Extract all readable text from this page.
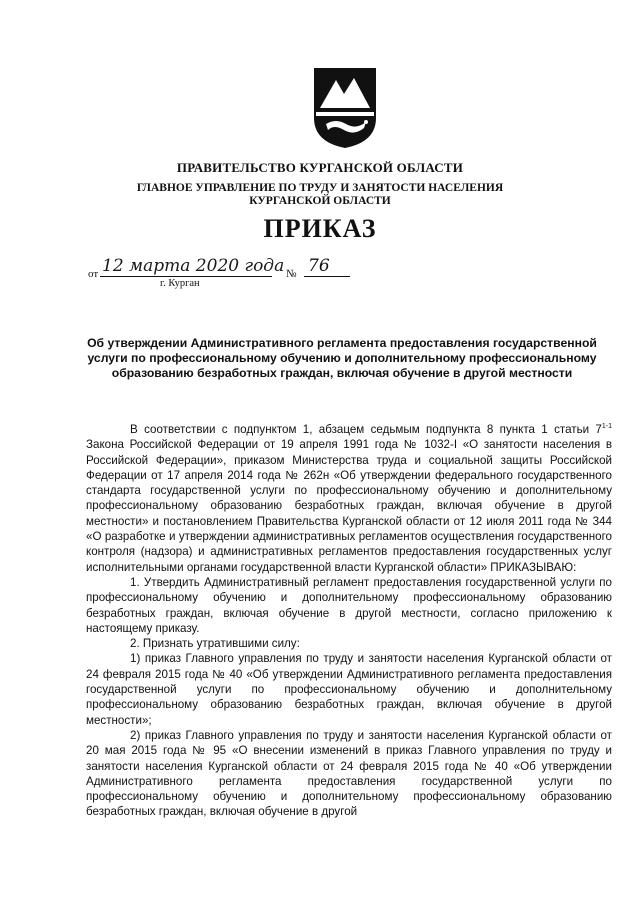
ПРАВИТЕЛЬСТВО КУРГАНСКОЙ ОБЛАСТИ
ГЛАВНОЕ УПРАВЛЕНИЕ ПО ТРУДУ И ЗАНЯТОСТИ НАСЕЛЕНИЯ
КУРГАНСКОЙ ОБЛАСТИ
ПРИКАЗ
от 12 марта 2020 года № 76
г. Курган
Об утверждении Административного регламента предоставления государственной услуги по профессиональному обучению и дополнительному профессиональному образованию безработных граждан, включая обучение в другой местности

В соответствии с подпунктом 1, абзацем седьмым подпункта 8 пункта 1 статьи 7$^{1-1}$ Закона Российской Федерации от 19 апреля 1991 года № 1032-I «О занятости населения в Российской Федерации», приказом Министерства труда и социальной защиты Российской Федерации от 17 апреля 2014 года № 262н «Об утверждении федерального государственного стандарта государственной услуги по профессиональному обучению и дополнительному профессиональному образованию безработных граждан, включая обучение в другой местности» и постановлением Правительства Курганской области от 12 июля 2011 года № 344 «О разработке и утверждении административных регламентов осуществления государственного контроля (надзора) и административных регламентов предоставления государственных услуг исполнительными органами государственной власти Курганской области» ПРИКАЗЫВАЮ:

1. Утвердить Административный регламент предоставления государственной услуги по профессиональному обучению и дополнительному профессиональному образованию безработных граждан, включая обучение в другой местности, согласно приложению к настоящему приказу.

2. Признать утратившими силу:

1) приказ Главного управления по труду и занятости населения Курганской области от 24 февраля 2015 года № 40 «Об утверждении Административного регламента предоставления государственной услуги по профессиональному обучению и дополнительному профессиональному образованию безработных граждан, включая обучение в другой местности»;

2) приказ Главного управления по труду и занятости населения Курганской области от 20 мая 2015 года № 95 «О внесении изменений в приказ Главного управления по труду и занятости населения Курганской области от 24 февраля 2015 года № 40 «Об утверждении Административного регламента предоставления государственной услуги по профессиональному обучению и дополнительному профессиональному образованию безработных граждан, включая обучение в другой
